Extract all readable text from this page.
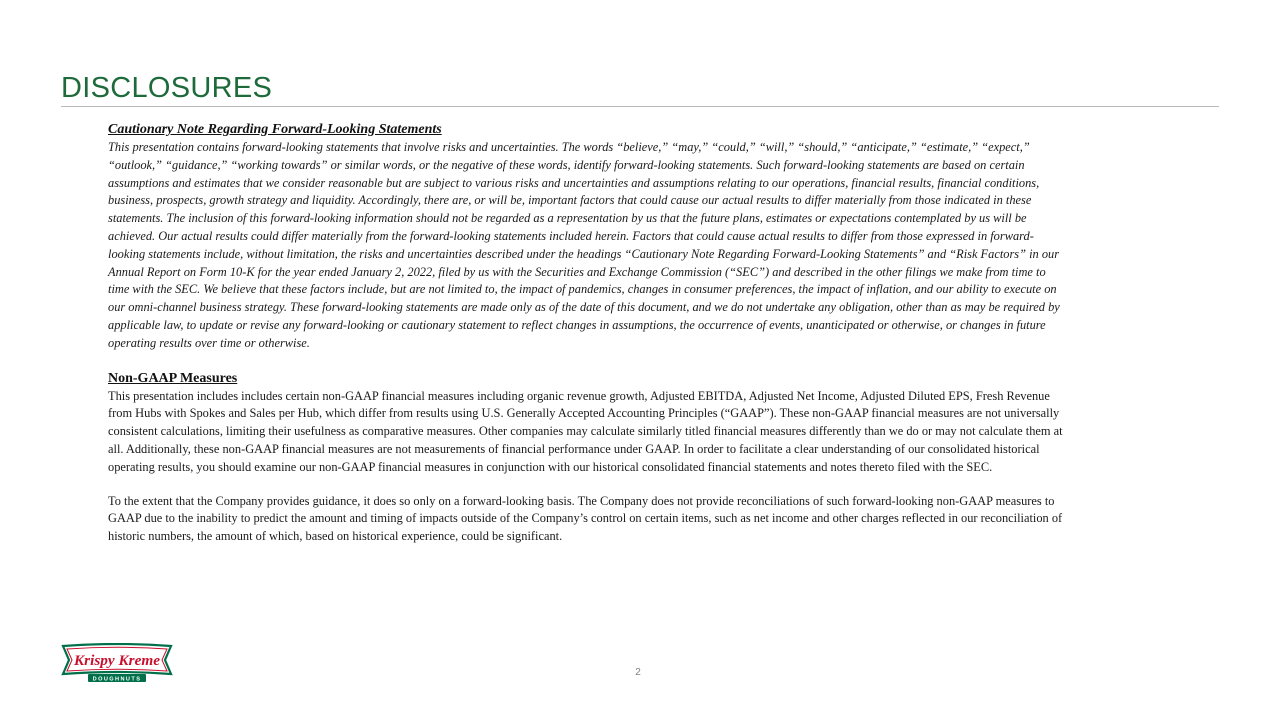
DISCLOSURES
Cautionary Note Regarding Forward-Looking Statements

This presentation contains forward-looking statements that involve risks and uncertainties. The words “believe,” “may,” “could,” “will,” “should,” “anticipate,” “estimate,” “expect,” “outlook,” “guidance,” “working towards” or similar words, or the negative of these words, identify forward-looking statements. Such forward-looking statements are based on certain assumptions and estimates that we consider reasonable but are subject to various risks and uncertainties and assumptions relating to our operations, financial results, financial conditions, business, prospects, growth strategy and liquidity. Accordingly, there are, or will be, important factors that could cause our actual results to differ materially from those indicated in these statements. The inclusion of this forward-looking information should not be regarded as a representation by us that the future plans, estimates or expectations contemplated by us will be achieved. Our actual results could differ materially from the forward-looking statements included herein. Factors that could cause actual results to differ from those expressed in forward-looking statements include, without limitation, the risks and uncertainties described under the headings “Cautionary Note Regarding Forward-Looking Statements” and “Risk Factors” in our Annual Report on Form 10-K for the year ended January 2, 2022, filed by us with the Securities and Exchange Commission (“SEC”) and described in the other filings we make from time to time with the SEC. We believe that these factors include, but are not limited to, the impact of pandemics, changes in consumer preferences, the impact of inflation, and our ability to execute on our omni-channel business strategy. These forward-looking statements are made only as of the date of this document, and we do not undertake any obligation, other than as may be required by applicable law, to update or revise any forward-looking or cautionary statement to reflect changes in assumptions, the occurrence of events, unanticipated or otherwise, or changes in future operating results over time or otherwise.

Non-GAAP Measures

This presentation includes includes certain non-GAAP financial measures including organic revenue growth, Adjusted EBITDA, Adjusted Net Income, Adjusted Diluted EPS, Fresh Revenue from Hubs with Spokes and Sales per Hub, which differ from results using U.S. Generally Accepted Accounting Principles (“GAAP”). These non-GAAP financial measures are not universally consistent calculations, limiting their usefulness as comparative measures. Other companies may calculate similarly titled financial measures differently than we do or may not calculate them at all. Additionally, these non-GAAP financial measures are not measurements of financial performance under GAAP. In order to facilitate a clear understanding of our consolidated historical operating results, you should examine our non-GAAP financial measures in conjunction with our historical consolidated financial statements and notes thereto filed with the SEC.

To the extent that the Company provides guidance, it does so only on a forward-looking basis. The Company does not provide reconciliations of such forward-looking non-GAAP measures to GAAP due to the inability to predict the amount and timing of impacts outside of the Company’s control on certain items, such as net income and other charges reflected in our reconciliation of historic numbers, the amount of which, based on historical experience, could be significant.

Krispy Kreme
DOUGHNUTS
2
